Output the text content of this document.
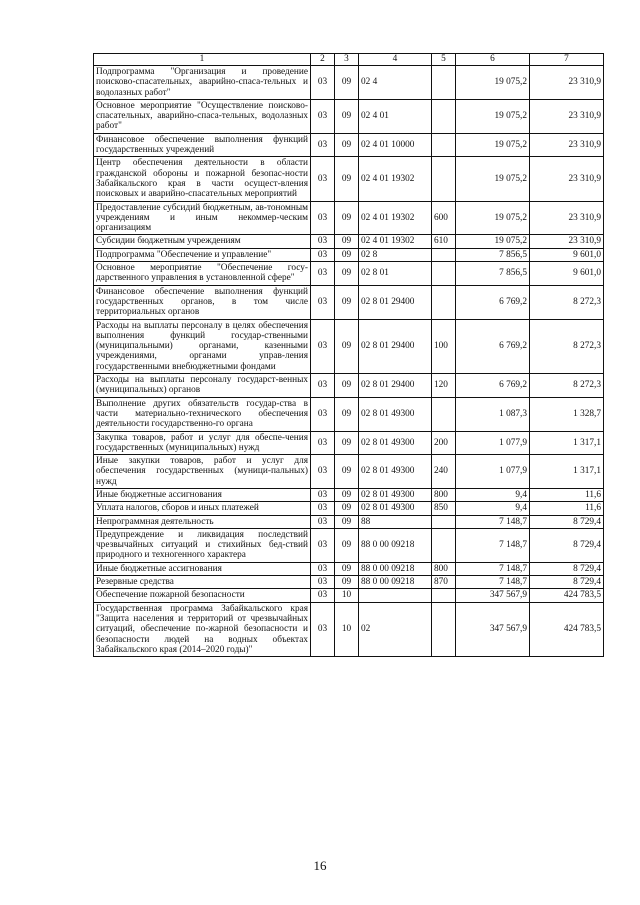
1	2	3	4	5	6	7
Подпрограмма "Организация и проведение поисково-спасательных, аварийно-спаса-тельных и водолазных работ"	03	09	02 4		19 075,2	23 310,9
Основное мероприятие "Осуществление поисково-спасательных, аварийно-спаса-тельных, водолазных работ"	03	09	02 4 01		19 075,2	23 310,9
Финансовое обеспечение выполнения функций государственных учреждений	03	09	02 4 01 10000		19 075,2	23 310,9
Центр обеспечения деятельности в области гражданской обороны и пожарной безопас-ности Забайкальского края в части осущест-вления поисковых и аварийно-спасательных мероприятий	03	09	02 4 01 19302		19 075,2	23 310,9
Предоставление субсидий бюджетным, ав-тономным учреждениям и иным некоммер-ческим организациям	03	09	02 4 01 19302	600	19 075,2	23 310,9
Субсидии бюджетным учреждениям	03	09	02 4 01 19302	610	19 075,2	23 310,9
Подпрограмма "Обеспечение и управление"	03	09	02 8		7 856,5	9 601,0
Основное мероприятие "Обеспечение госу-дарственного управления в установленной сфере"	03	09	02 8 01		7 856,5	9 601,0
Финансовое обеспечение выполнения функций государственных органов, в том числе территориальных органов	03	09	02 8 01 29400		6 769,2	8 272,3
Расходы на выплаты персоналу в целях обеспечения выполнения функций государ-ственными (муниципальными) органами, казенными учреждениями, органами управ-ления государственными внебюджетными фондами	03	09	02 8 01 29400	100	6 769,2	8 272,3
Расходы на выплаты персоналу государст-венных (муниципальных) органов	03	09	02 8 01 29400	120	6 769,2	8 272,3
Выполнение других обязательств государ-ства в части материально-технического обеспечения деятельности государственно-го органа	03	09	02 8 01 49300		1 087,3	1 328,7
Закупка товаров, работ и услуг для обеспе-чения государственных (муниципальных) нужд	03	09	02 8 01 49300	200	1 077,9	1 317,1
Иные закупки товаров, работ и услуг для обеспечения государственных (муници-пальных) нужд	03	09	02 8 01 49300	240	1 077,9	1 317,1
Иные бюджетные ассигнования	03	09	02 8 01 49300	800	9,4	11,6
Уплата налогов, сборов и иных платежей	03	09	02 8 01 49300	850	9,4	11,6
Непрограммная деятельность	03	09	88		7 148,7	8 729,4
Предупреждение и ликвидация последствий чрезвычайных ситуаций и стихийных бед-ствий природного и техногенного характера	03	09	88 0 00 09218		7 148,7	8 729,4
Иные бюджетные ассигнования	03	09	88 0 00 09218	800	7 148,7	8 729,4
Резервные средства	03	09	88 0 00 09218	870	7 148,7	8 729,4
Обеспечение пожарной безопасности	03	10			347 567,9	424 783,5
Государственная программа Забайкальского края "Защита населения и территорий от чрезвычайных ситуаций, обеспечение по-жарной безопасности и безопасности людей на водных объектах Забайкальского края (2014–2020 годы)"	03	10	02		347 567,9	424 783,5
16
